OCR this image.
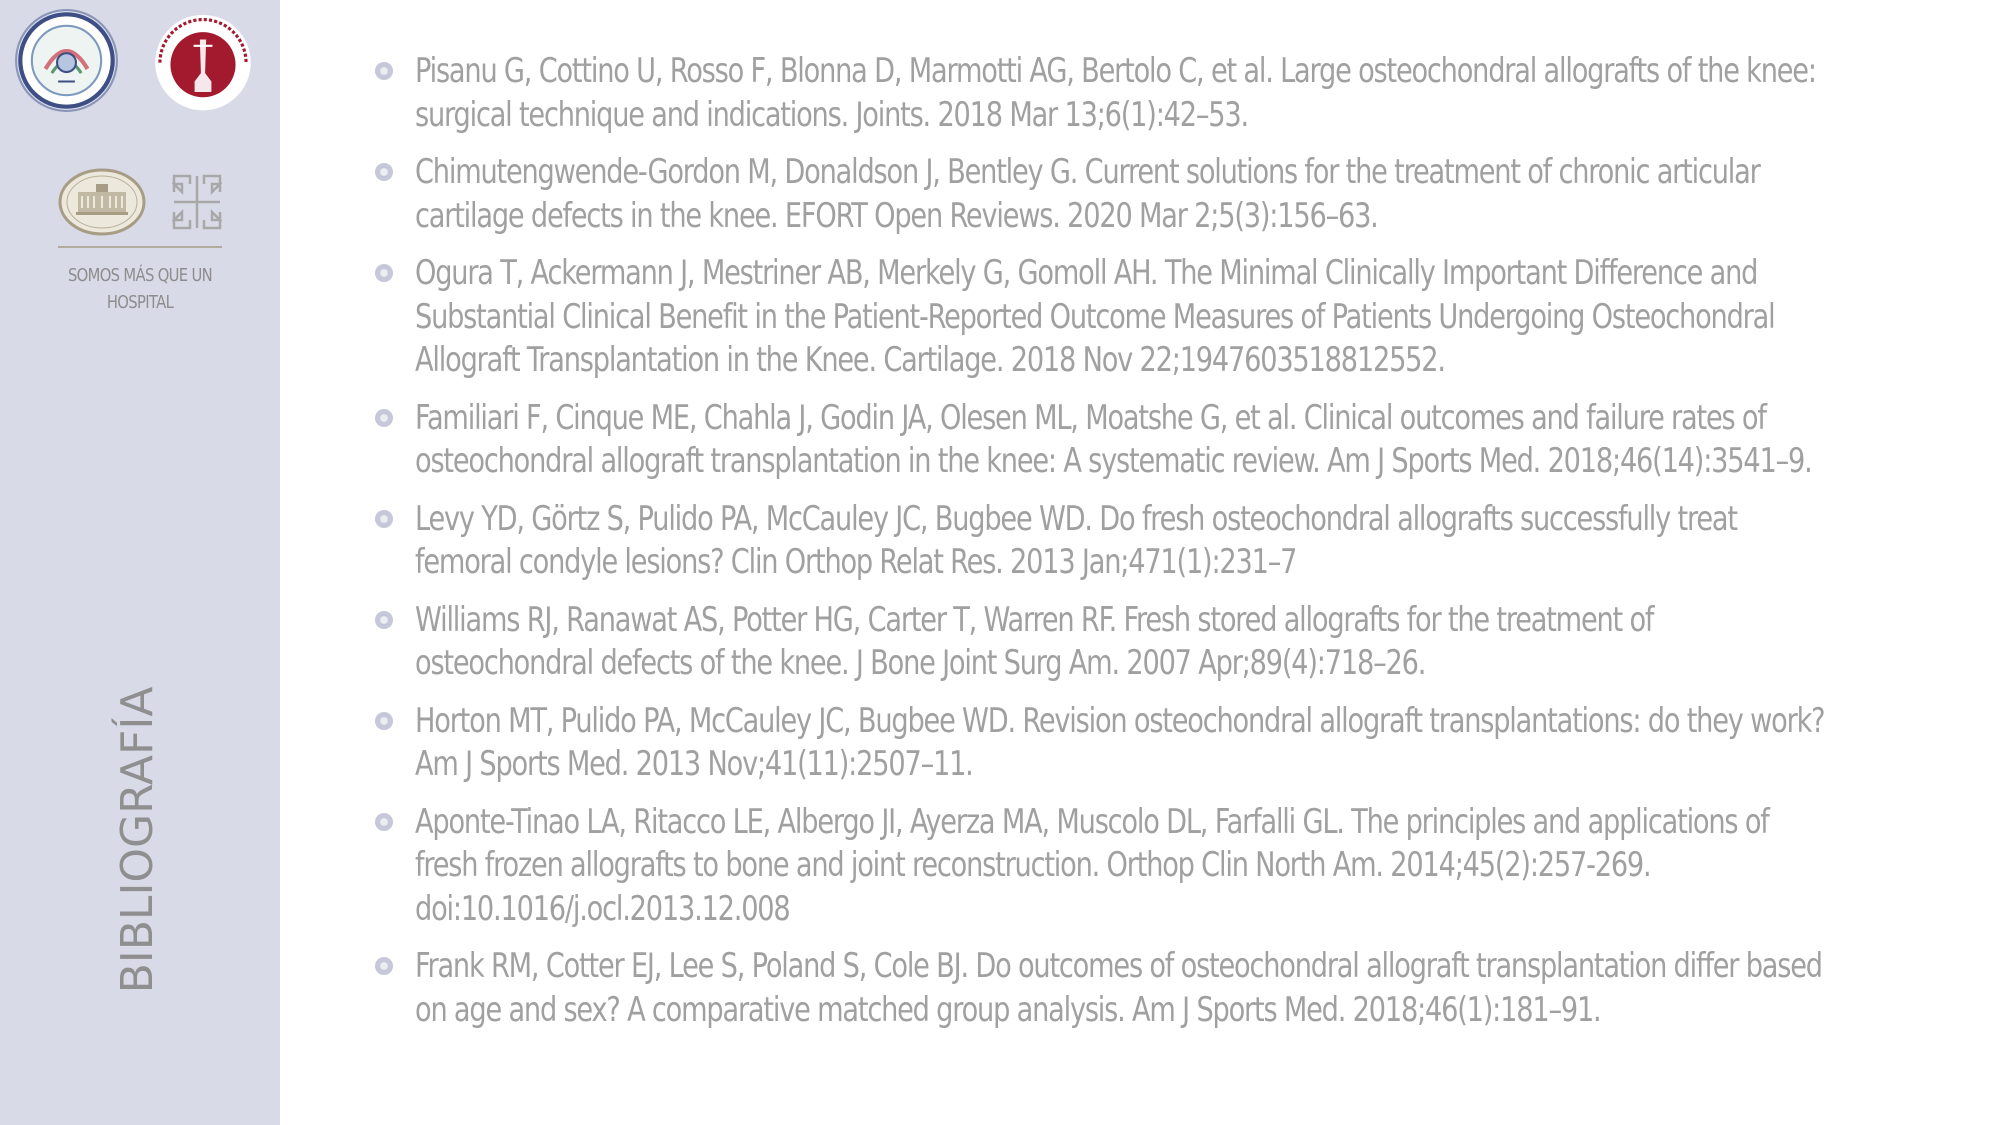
SOMOS MÁS QUE UN HOSPITAL
BIBLIOGRAFÍA
Pisanu G, Cottino U, Rosso F, Blonna D, Marmotti AG, Bertolo C, et al. Large osteochondral allografts of the knee: surgical technique and indications. Joints. 2018 Mar 13;6(1):42–53.
Chimutengwende-Gordon M, Donaldson J, Bentley G. Current solutions for the treatment of chronic articular cartilage defects in the knee. EFORT Open Reviews. 2020 Mar 2;5(3):156–63.
Ogura T, Ackermann J, Mestriner AB, Merkely G, Gomoll AH. The Minimal Clinically Important Difference and Substantial Clinical Benefit in the Patient-Reported Outcome Measures of Patients Undergoing Osteochondral Allograft Transplantation in the Knee. Cartilage. 2018 Nov 22;1947603518812552.
Familiari F, Cinque ME, Chahla J, Godin JA, Olesen ML, Moatshe G, et al. Clinical outcomes and failure rates of osteochondral allograft transplantation in the knee: A systematic review. Am J Sports Med. 2018;46(14):3541–9.
Levy YD, Görtz S, Pulido PA, McCauley JC, Bugbee WD. Do fresh osteochondral allografts successfully treat femoral condyle lesions? Clin Orthop Relat Res. 2013 Jan;471(1):231–7
Williams RJ, Ranawat AS, Potter HG, Carter T, Warren RF. Fresh stored allografts for the treatment of osteochondral defects of the knee. J Bone Joint Surg Am. 2007 Apr;89(4):718–26.
Horton MT, Pulido PA, McCauley JC, Bugbee WD. Revision osteochondral allograft transplantations: do they work? Am J Sports Med. 2013 Nov;41(11):2507–11.
Aponte-Tinao LA, Ritacco LE, Albergo JI, Ayerza MA, Muscolo DL, Farfalli GL. The principles and applications of fresh frozen allografts to bone and joint reconstruction. Orthop Clin North Am. 2014;45(2):257-269. doi:10.1016/j.ocl.2013.12.008
Frank RM, Cotter EJ, Lee S, Poland S, Cole BJ. Do outcomes of osteochondral allograft transplantation differ based on age and sex? A comparative matched group analysis. Am J Sports Med. 2018;46(1):181–91.
